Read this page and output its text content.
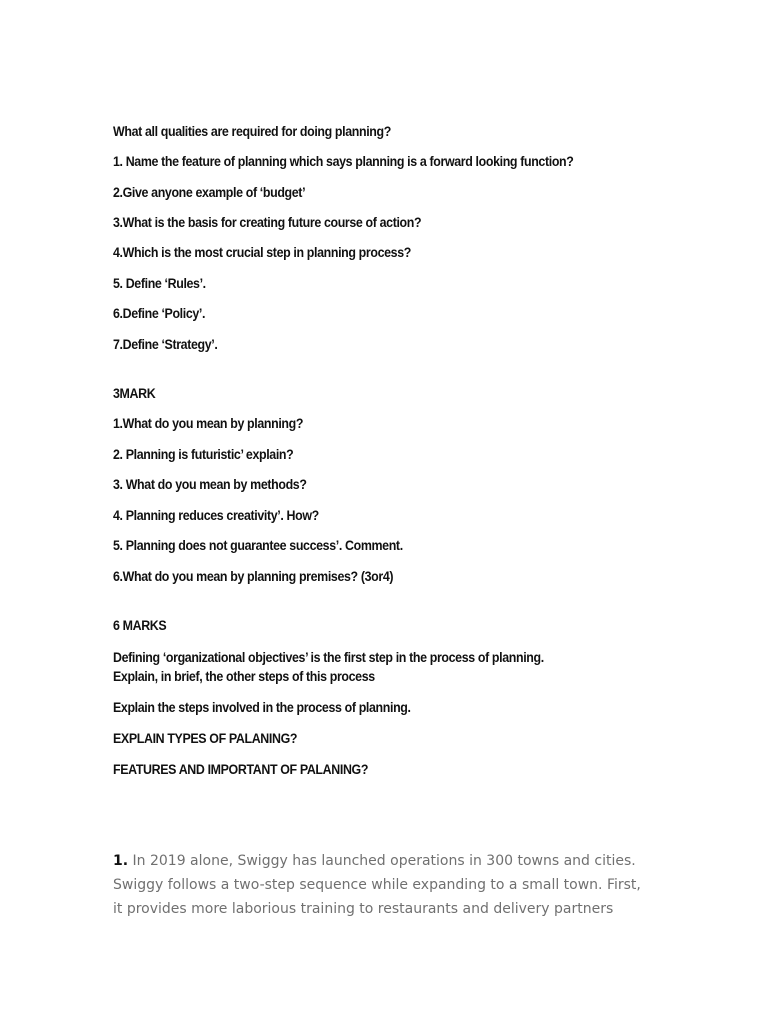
What all qualities are required for doing planning?
1. Name the feature of planning which says planning is a forward looking function?
2.Give anyone example of ‘budget’
3.What is the basis for creating future course of action?
4.Which is the most crucial step in planning process?
5. Define ‘Rules’.
6.Define ‘Policy’.
7.Define ‘Strategy’.
3MARK
1.What do you mean by planning?
2. Planning is futuristic’ explain?
3. What do you mean by methods?
4. Planning reduces creativity’. How?
5. Planning does not guarantee success’. Comment.
6.What do you mean by planning premises? (3or4)
6 MARKS
Defining ‘organizational objectives’ is the first step in the process of planning.
Explain, in brief, the other steps of this process
Explain the steps involved in the process of planning.
EXPLAIN TYPES OF PALANING?
FEATURES AND IMPORTANT OF PALANING?
1. In 2019 alone, Swiggy has launched operations in 300 towns and cities. Swiggy follows a two-step sequence while expanding to a small town. First, it provides more laborious training to restaurants and delivery partners
